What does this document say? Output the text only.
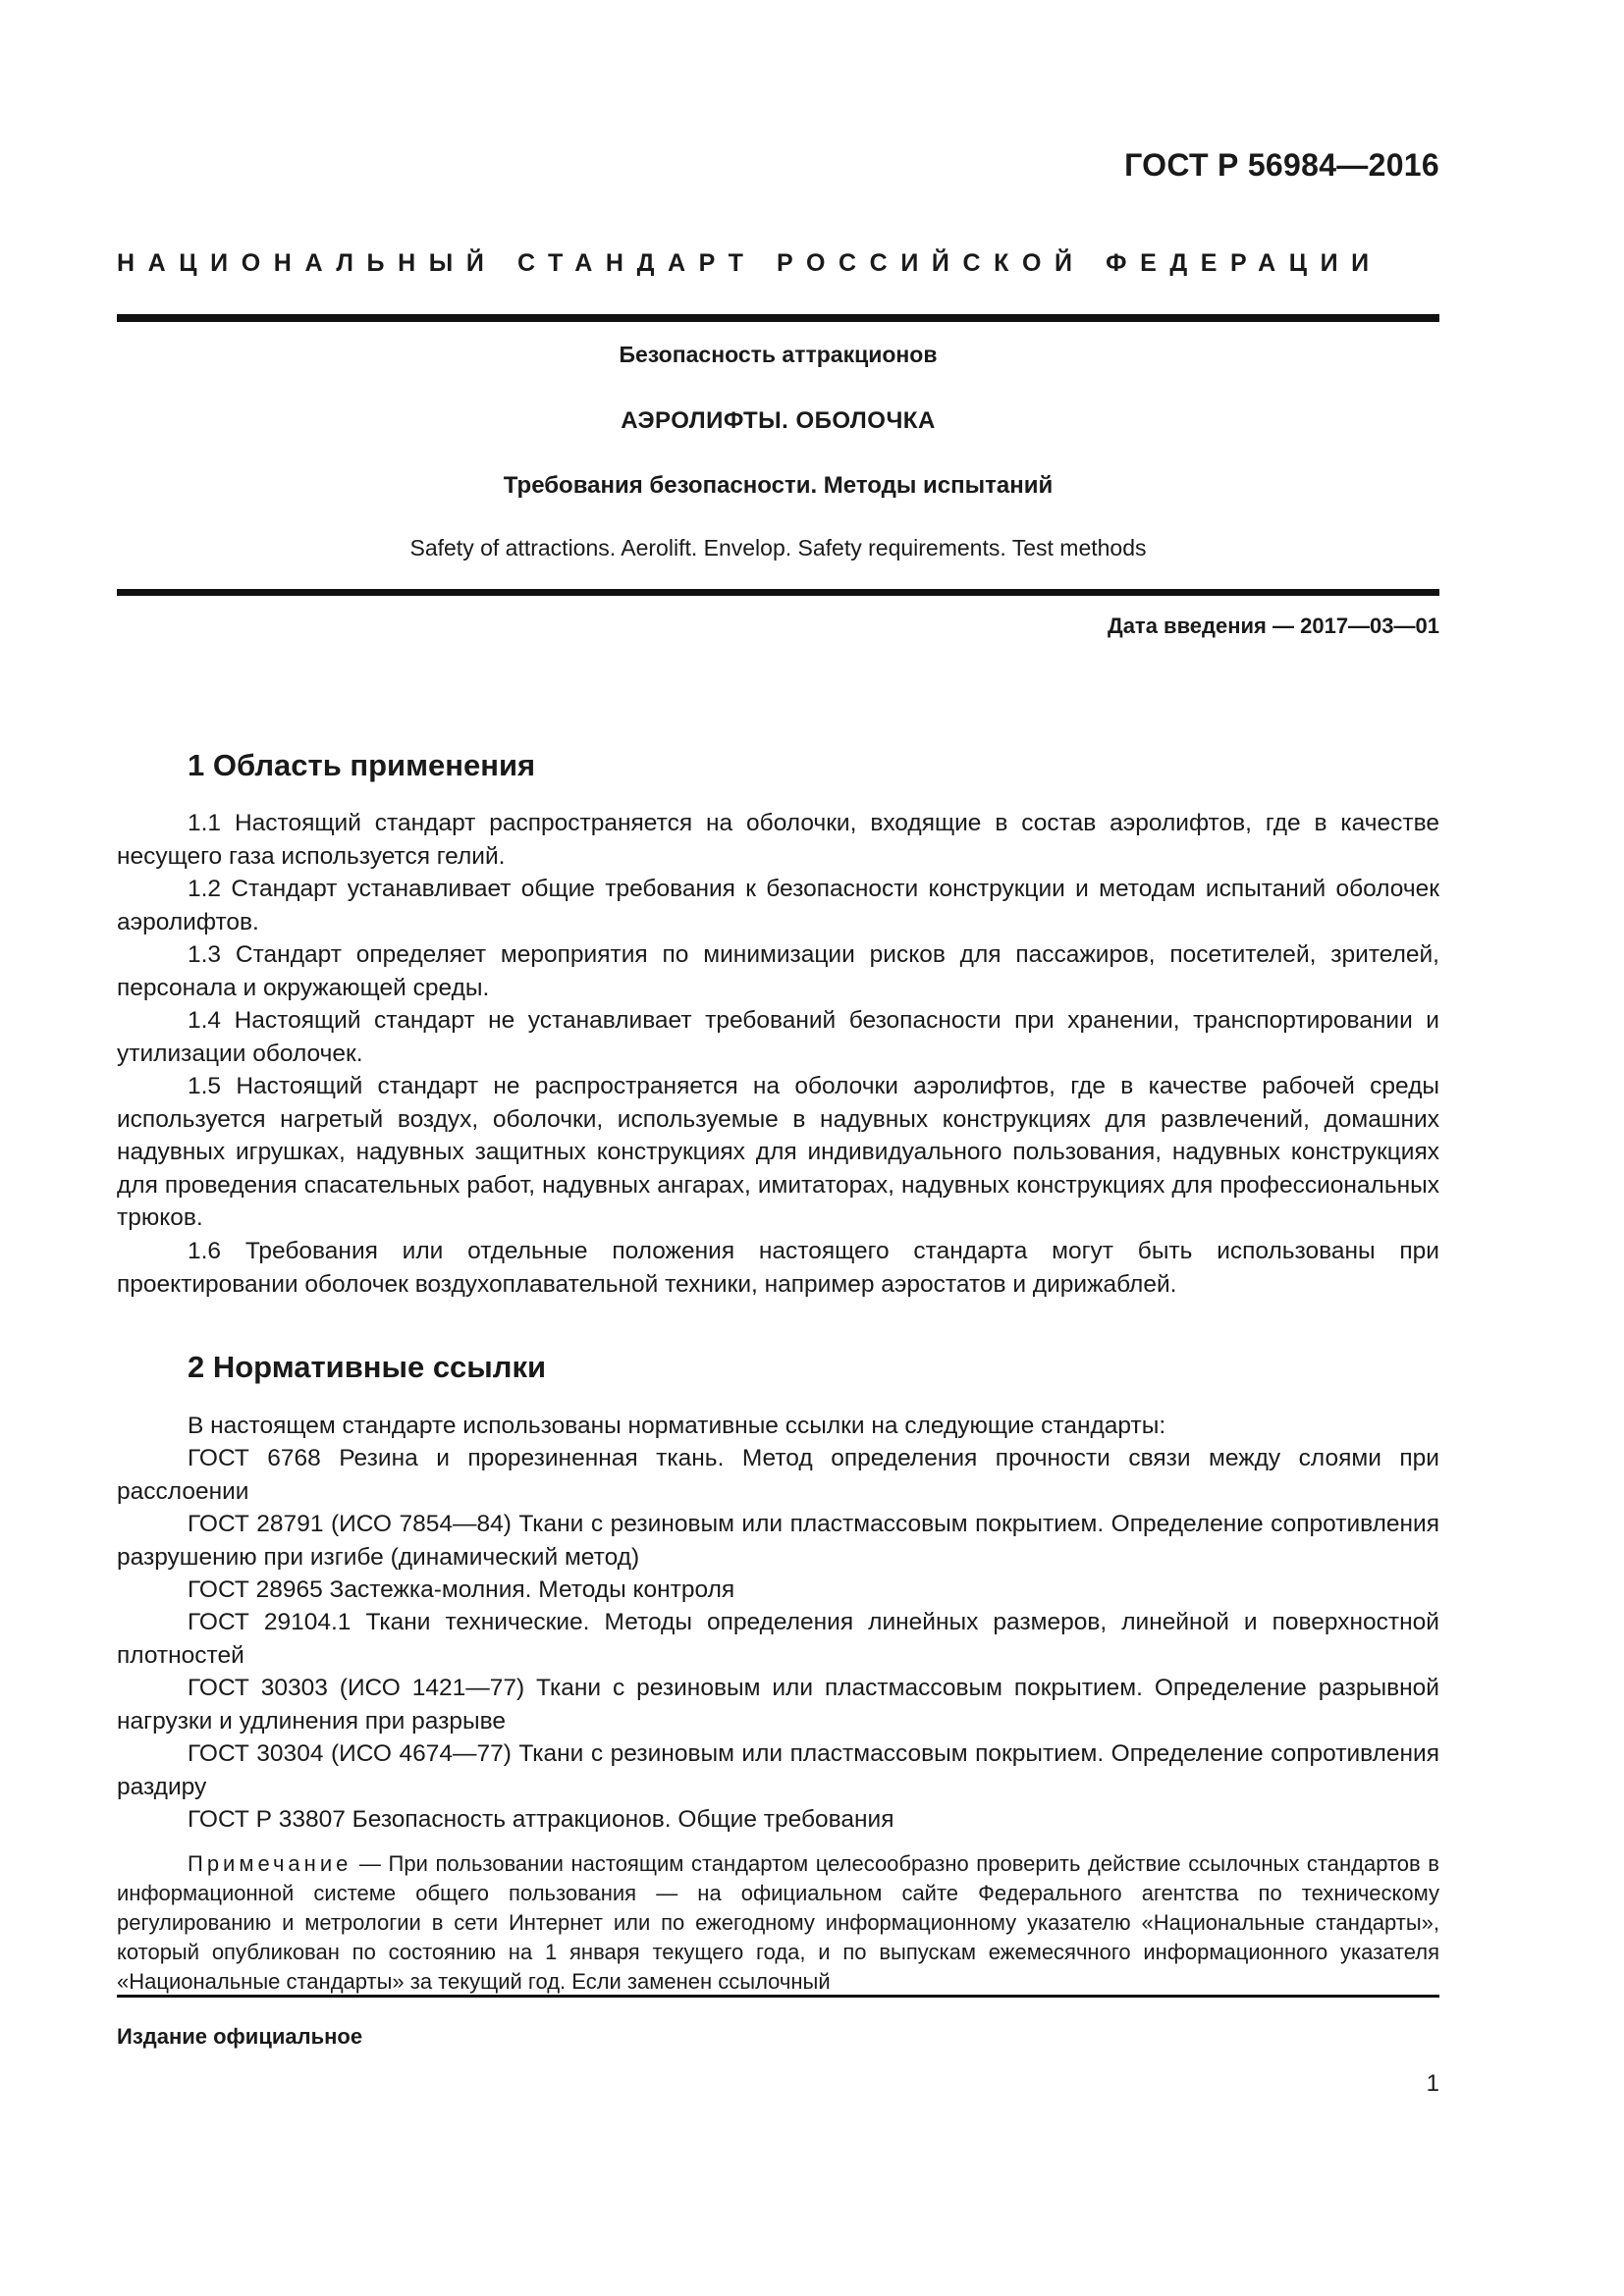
ГОСТ Р 56984—2016
НАЦИОНАЛЬНЫЙ СТАНДАРТ РОССИЙСКОЙ ФЕДЕРАЦИИ
Безопасность аттракционов
АЭРОЛИФТЫ. ОБОЛОЧКА
Требования безопасности. Методы испытаний
Safety of attractions. Aerolift. Envelop. Safety requirements. Test methods
Дата введения — 2017—03—01
1 Область применения
1.1 Настоящий стандарт распространяется на оболочки, входящие в состав аэролифтов, где в качестве несущего газа используется гелий.
1.2 Стандарт устанавливает общие требования к безопасности конструкции и методам испытаний оболочек аэролифтов.
1.3 Стандарт определяет мероприятия по минимизации рисков для пассажиров, посетителей, зрителей, персонала и окружающей среды.
1.4 Настоящий стандарт не устанавливает требований безопасности при хранении, транспортировании и утилизации оболочек.
1.5 Настоящий стандарт не распространяется на оболочки аэролифтов, где в качестве рабочей среды используется нагретый воздух, оболочки, используемые в надувных конструкциях для развлечений, домашних надувных игрушках, надувных защитных конструкциях для индивидуального пользования, надувных конструкциях для проведения спасательных работ, надувных ангарах, имитаторах, надувных конструкциях для профессиональных трюков.
1.6 Требования или отдельные положения настоящего стандарта могут быть использованы при проектировании оболочек воздухоплавательной техники, например аэростатов и дирижаблей.
2 Нормативные ссылки
В настоящем стандарте использованы нормативные ссылки на следующие стандарты:
ГОСТ 6768 Резина и прорезиненная ткань. Метод определения прочности связи между слоями при расслоении
ГОСТ 28791 (ИСО 7854—84) Ткани с резиновым или пластмассовым покрытием. Определение сопротивления разрушению при изгибе (динамический метод)
ГОСТ 28965 Застежка-молния. Методы контроля
ГОСТ 29104.1 Ткани технические. Методы определения линейных размеров, линейной и поверхностной плотностей
ГОСТ 30303 (ИСО 1421—77) Ткани с резиновым или пластмассовым покрытием. Определение разрывной нагрузки и удлинения при разрыве
ГОСТ 30304 (ИСО 4674—77) Ткани с резиновым или пластмассовым покрытием. Определение сопротивления раздиру
ГОСТ Р 33807 Безопасность аттракционов. Общие требования
Примечание — При пользовании настоящим стандартом целесообразно проверить действие ссылочных стандартов в информационной системе общего пользования — на официальном сайте Федерального агентства по техническому регулированию и метрологии в сети Интернет или по ежегодному информационному указателю «Национальные стандарты», который опубликован по состоянию на 1 января текущего года, и по выпускам ежемесячного информационного указателя «Национальные стандарты» за текущий год. Если заменен ссылочный
Издание официальное
1
